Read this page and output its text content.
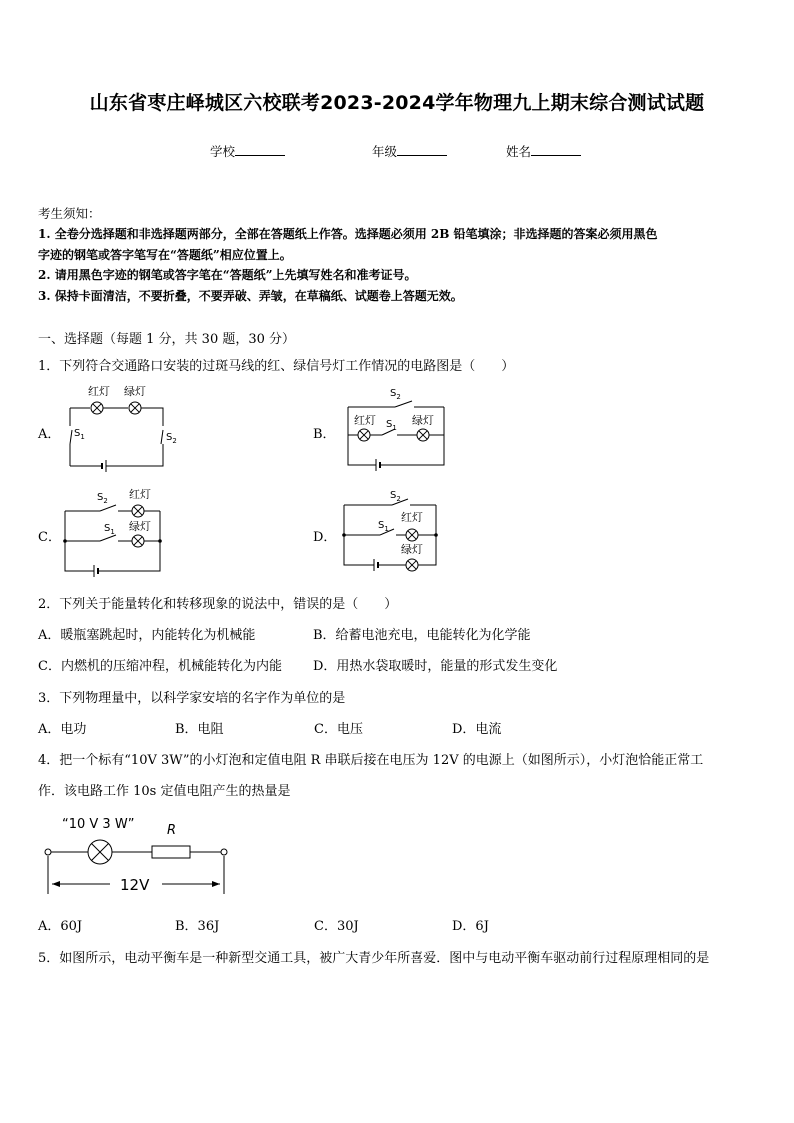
山东省枣庄峄城区六校联考2023-2024学年物理九上期末综合测试试题
学校	年级	姓名
考生须知：
1. 全卷分选择题和非选择题两部分，全部在答题纸上作答。选择题必须用 2B 铅笔填涂；非选择题的答案必须用黑色
字迹的钢笔或答字笔写在“答题纸”相应位置上。
2. 请用黑色字迹的钢笔或答字笔在“答题纸”上先填写姓名和准考证号。
3. 保持卡面清洁，不要折叠，不要弄破、弄皱，在草稿纸、试题卷上答题无效。
一、选择题（每题 1 分，共 30 题，30 分）
1．下列符合交通路口安装的过斑马线的红、绿信号灯工作情况的电路图是（　　）
A．	B．
C．	D．
红灯 绿灯
$S_1$	$S_2$
$S_2$
红灯 $S_1$
绿灯
$S_2$ 红灯
$S_1$ 绿灯
$S_2$
$S_1$
红灯
绿灯
2．下列关于能量转化和转移现象的说法中，错误的是（　　）
A．暖瓶塞跳起时，内能转化为机械能	B．给蓄电池充电，电能转化为化学能
C．内燃机的压缩冲程，机械能转化为内能 D．用热水袋取暖时，能量的形式发生变化
3．下列物理量中，以科学家安培的名字作为单位的是
A．电功	B．电阻	C．电压	D．电流
4．把一个标有“10V 3W”的小灯泡和定值电阻 R 串联后接在电压为 12V 的电源上（如图所示），小灯泡恰能正常工
作．该电路工作 10s 定值电阻产生的热量是
“10 V 3 W”	R
12V
A．60J	B．36J	C．30J	D．6J
5．如图所示，电动平衡车是一种新型交通工具，被广大青少年所喜爱．图中与电动平衡车驱动前行过程原理相同的是
